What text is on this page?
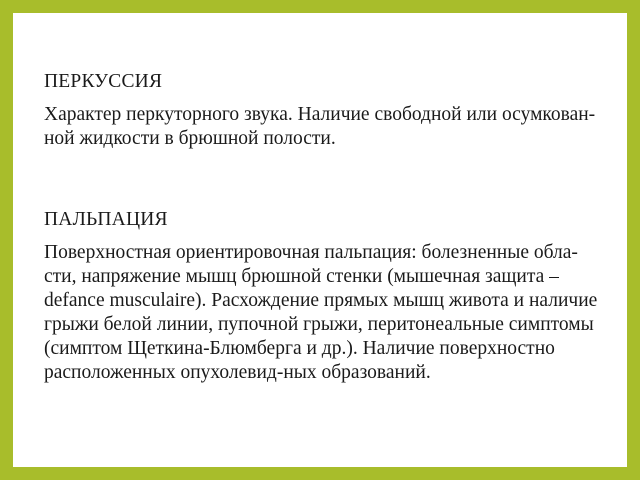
ПЕРКУССИЯ

Характер перкуторного звука. Наличие свободной или осумкован-ной жидкости в брюшной полости.

ПАЛЬПАЦИЯ

Поверхностная ориентировочная пальпация: болезненные обла-сти, напряжение мышц брюшной стенки (мышечная защита – defance musculaire). Расхождение прямых мышц живота и наличие грыжи белой линии, пупочной грыжи, перитонеальные симптомы (симптом Щеткина-Блюмберга и др.). Наличие поверхностно расположенных опухолевид-ных образований.
